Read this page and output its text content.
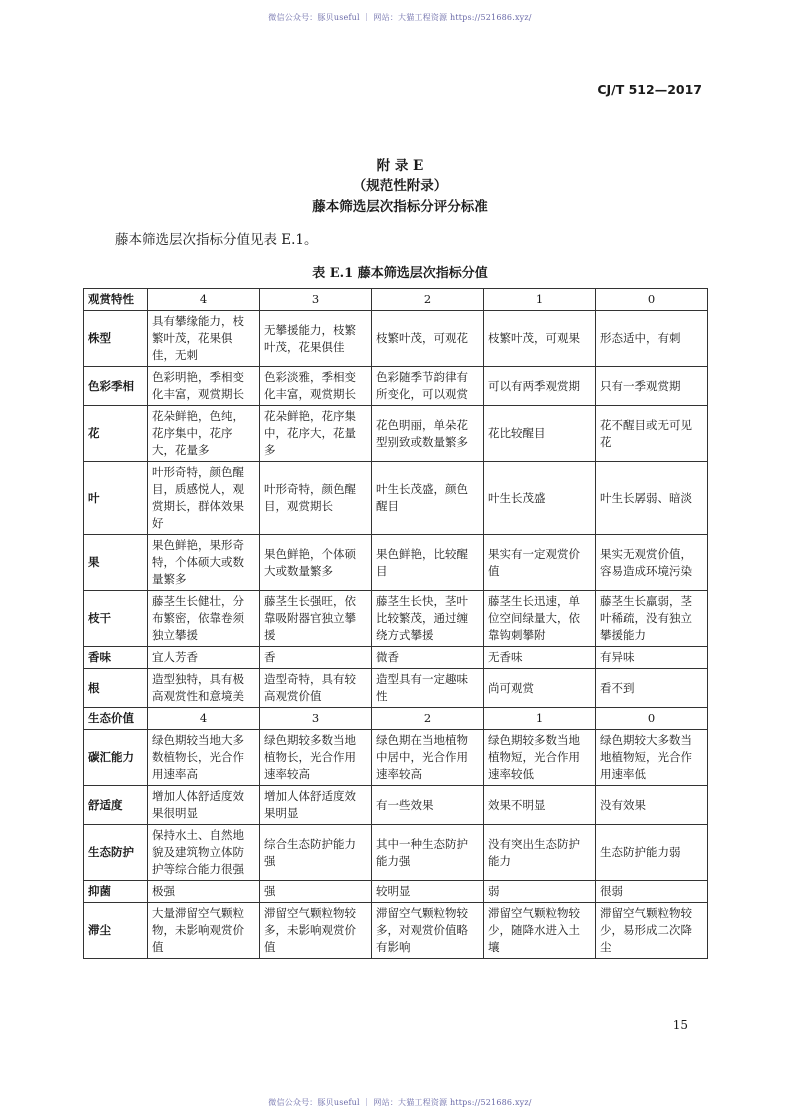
微信公众号：豚贝useful ｜ 网站：大猫工程资源 https://521686.xyz/
CJ/T 512—2017
附 录 E
（规范性附录）
藤本筛选层次指标分评分标准
藤本筛选层次指标分值见表 E.1。
表 E.1 藤本筛选层次指标分值
观赏特性	4	3	2	1	0
株型	具有攀缘能力，枝繁叶茂，花果俱佳，无刺	无攀援能力，枝繁叶茂，花果俱佳	枝繁叶茂，可观花	枝繁叶茂，可观果	形态适中，有刺
色彩季相	色彩明艳，季相变化丰富，观赏期长	色彩淡雅，季相变化丰富，观赏期长	色彩随季节韵律有所变化，可以观赏	可以有两季观赏期	只有一季观赏期
花	花朵鲜艳，色纯，花序集中，花序大，花量多	花朵鲜艳，花序集中，花序大，花量多	花色明丽，单朵花型别致或数量繁多	花比较醒目	花不醒目或无可见花
叶	叶形奇特，颜色醒目，质感悦人，观赏期长，群体效果好	叶形奇特，颜色醒目，观赏期长	叶生长茂盛，颜色醒目	叶生长茂盛	叶生长孱弱、暗淡
果	果色鲜艳，果形奇特，个体硕大或数量繁多	果色鲜艳，个体硕大或数量繁多	果色鲜艳，比较醒目	果实有一定观赏价值	果实无观赏价值，容易造成环境污染
枝干	藤茎生长健壮，分布繁密，依靠卷须独立攀援	藤茎生长强旺，依靠吸附器官独立攀援	藤茎生长快，茎叶比较繁茂，通过缠绕方式攀援	藤茎生长迅速，单位空间绿量大，依靠钩刺攀附	藤茎生长羸弱，茎叶稀疏，没有独立攀援能力
香味	宜人芳香	香	微香	无香味	有异味
根	造型独特，具有极高观赏性和意境美	造型奇特，具有较高观赏价值	造型具有一定趣味性	尚可观赏	看不到
生态价值	4	3	2	1	0
碳汇能力	绿色期较当地大多数植物长，光合作用速率高	绿色期较多数当地植物长，光合作用速率较高	绿色期在当地植物中居中，光合作用速率较高	绿色期较多数当地植物短，光合作用速率较低	绿色期较大多数当地植物短，光合作用速率低
舒适度	增加人体舒适度效果很明显	增加人体舒适度效果明显	有一些效果	效果不明显	没有效果
生态防护	保持水土、自然地貌及建筑物立体防护等综合能力很强	综合生态防护能力强	其中一种生态防护能力强	没有突出生态防护能力	生态防护能力弱
抑菌	极强	强	较明显	弱	很弱
滞尘	大量滞留空气颗粒物，未影响观赏价值	滞留空气颗粒物较多，未影响观赏价值	滞留空气颗粒物较多，对观赏价值略有影响	滞留空气颗粒物较少，随降水进入土壤	滞留空气颗粒物较少，易形成二次降尘
15
微信公众号：豚贝useful ｜ 网站：大猫工程资源 https://521686.xyz/
